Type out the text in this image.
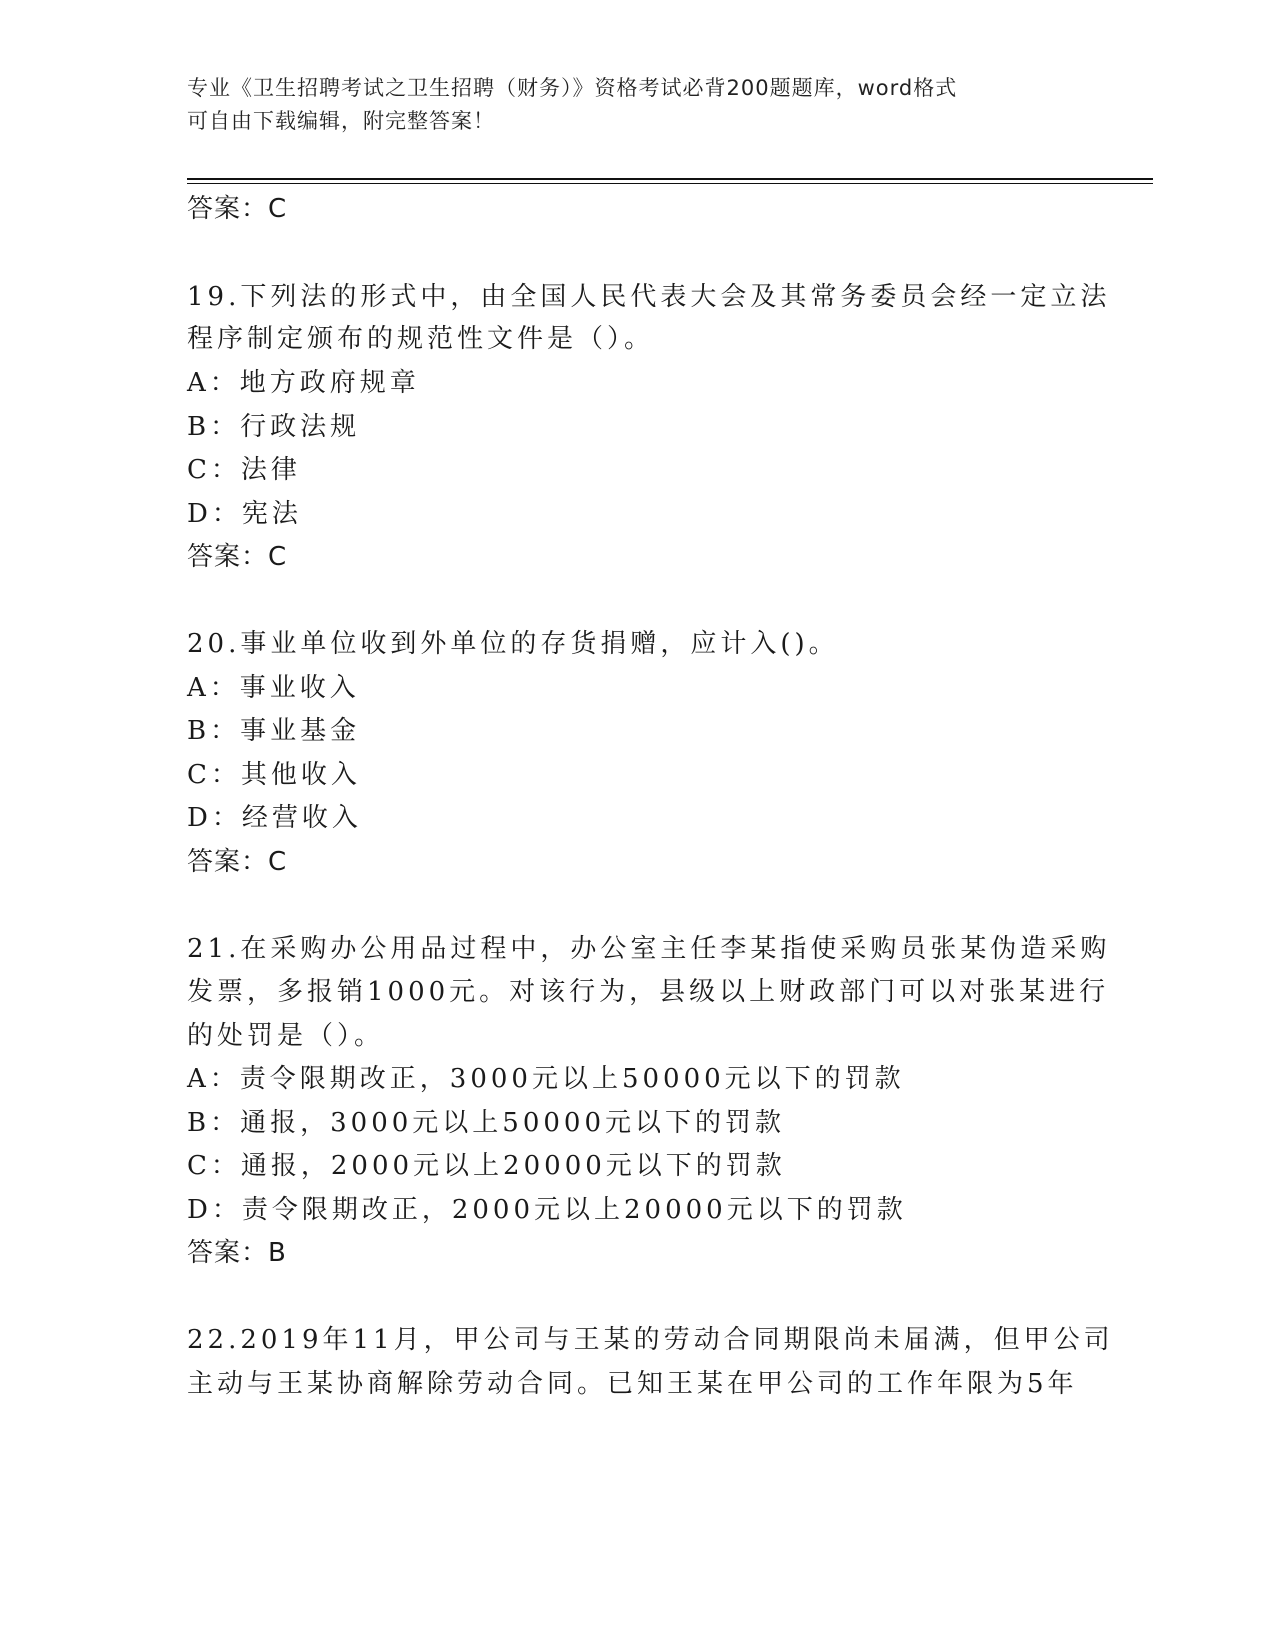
专业《卫生招聘考试之卫生招聘（财务）》资格考试必背200题题库，word格式
可自由下载编辑，附完整答案！
答案：C
19.下列法的形式中，由全国人民代表大会及其常务委员会经一定立法
程序制定颁布的规范性文件是（）。
A：地方政府规章
B：行政法规
C：法律
D：宪法
答案：C
20.事业单位收到外单位的存货捐赠，应计入()。
A：事业收入
B：事业基金
C：其他收入
D：经营收入
答案：C
21.在采购办公用品过程中，办公室主任李某指使采购员张某伪造采购
发票，多报销1000元。对该行为，县级以上财政部门可以对张某进行
的处罚是（）。
A：责令限期改正，3000元以上50000元以下的罚款
B：通报，3000元以上50000元以下的罚款
C：通报，2000元以上20000元以下的罚款
D：责令限期改正，2000元以上20000元以下的罚款
答案：B
22.2019年11月，甲公司与王某的劳动合同期限尚未届满，但甲公司
主动与王某协商解除劳动合同。已知王某在甲公司的工作年限为5年
